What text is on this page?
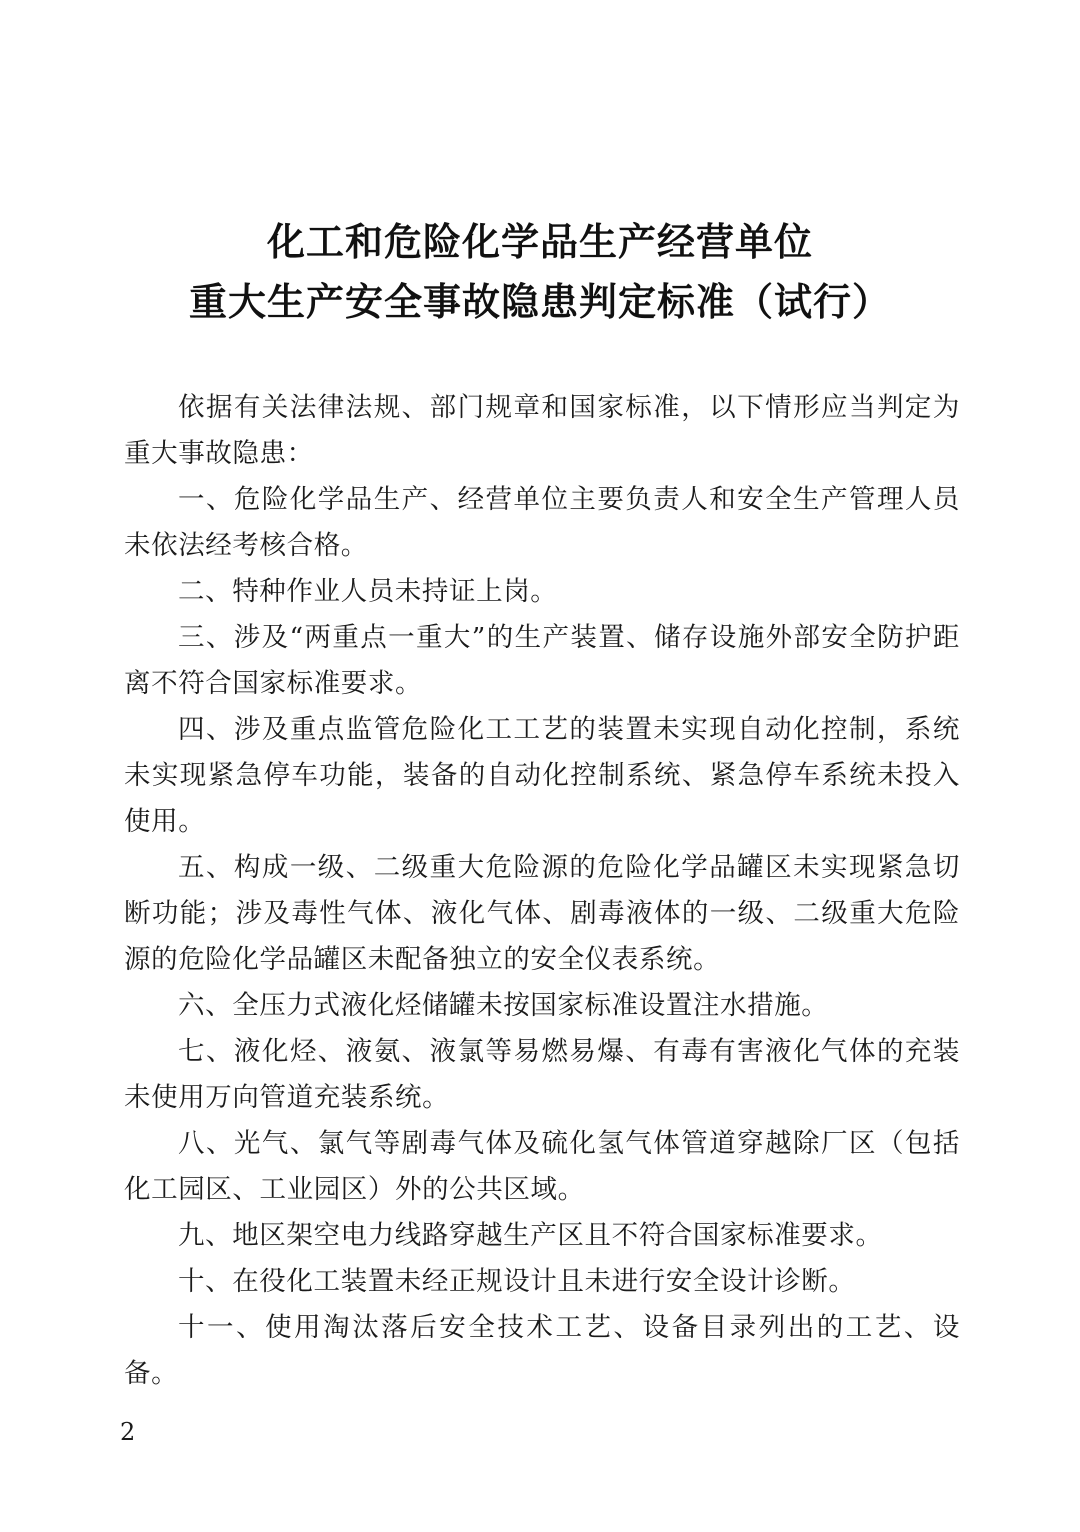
化工和危险化学品生产经营单位
重大生产安全事故隐患判定标准（试行）

依据有关法律法规、部门规章和国家标准，以下情形应当判定为重大事故隐患：

一、危险化学品生产、经营单位主要负责人和安全生产管理人员未依法经考核合格。

二、特种作业人员未持证上岗。

三、涉及“两重点一重大”的生产装置、储存设施外部安全防护距离不符合国家标准要求。

四、涉及重点监管危险化工工艺的装置未实现自动化控制，系统未实现紧急停车功能，装备的自动化控制系统、紧急停车系统未投入使用。

五、构成一级、二级重大危险源的危险化学品罐区未实现紧急切断功能；涉及毒性气体、液化气体、剧毒液体的一级、二级重大危险源的危险化学品罐区未配备独立的安全仪表系统。

六、全压力式液化烃储罐未按国家标准设置注水措施。

七、液化烃、液氨、液氯等易燃易爆、有毒有害液化气体的充装未使用万向管道充装系统。

八、光气、氯气等剧毒气体及硫化氢气体管道穿越除厂区（包括化工园区、工业园区）外的公共区域。

九、地区架空电力线路穿越生产区且不符合国家标准要求。

十、在役化工装置未经正规设计且未进行安全设计诊断。

十一、使用淘汰落后安全技术工艺、设备目录列出的工艺、设备。

2
